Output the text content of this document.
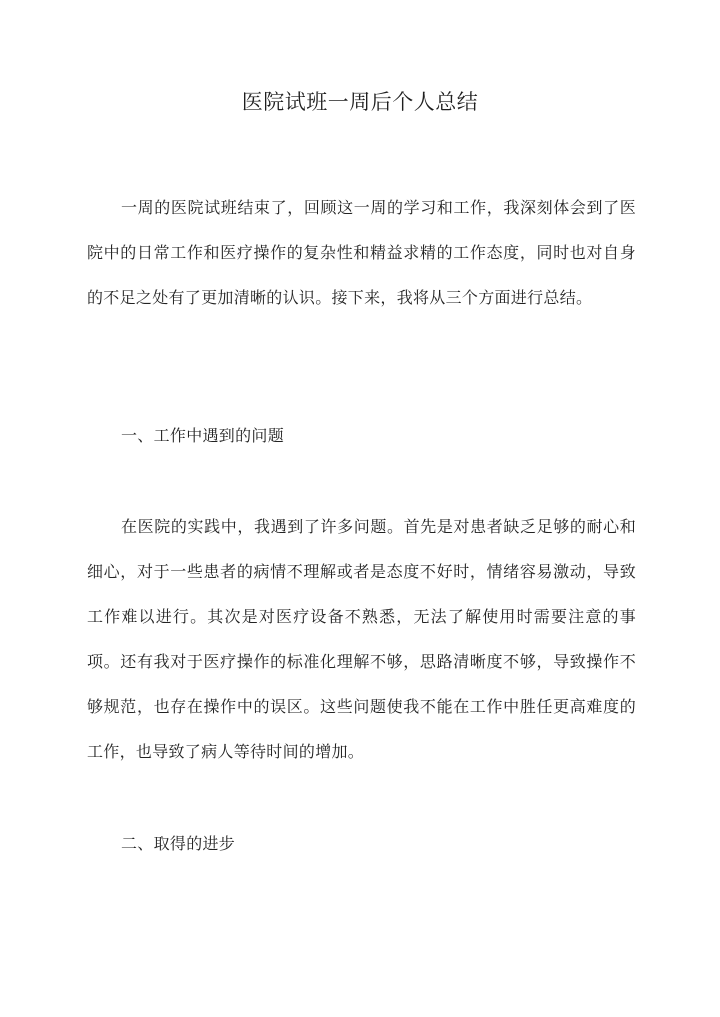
医院试班一周后个人总结

一周的医院试班结束了，回顾这一周的学习和工作，我深刻体会到了医院中的日常工作和医疗操作的复杂性和精益求精的工作态度，同时也对自身的不足之处有了更加清晰的认识。接下来，我将从三个方面进行总结。

一、工作中遇到的问题

在医院的实践中，我遇到了许多问题。首先是对患者缺乏足够的耐心和细心，对于一些患者的病情不理解或者是态度不好时，情绪容易激动，导致工作难以进行。其次是对医疗设备不熟悉，无法了解使用时需要注意的事项。还有我对于医疗操作的标准化理解不够，思路清晰度不够，导致操作不够规范，也存在操作中的误区。这些问题使我不能在工作中胜任更高难度的工作，也导致了病人等待时间的增加。

二、取得的进步
